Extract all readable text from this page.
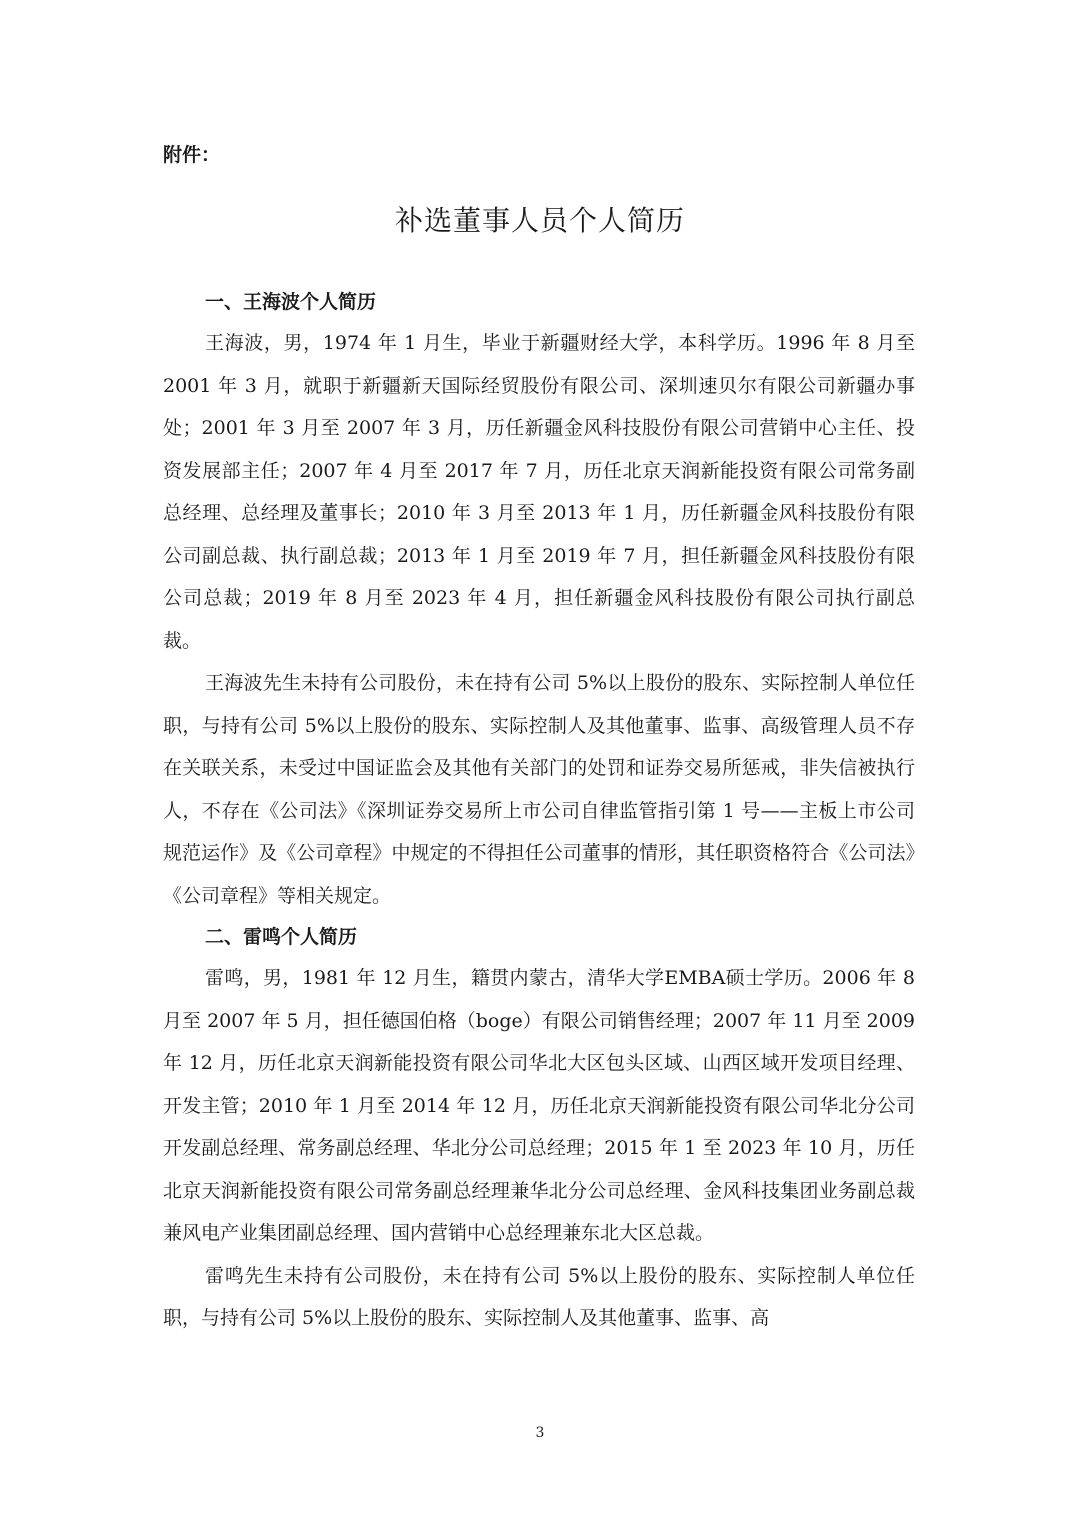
附件：

补选董事人员个人简历
一、王海波个人简历

王海波，男，1974 年 1 月生，毕业于新疆财经大学，本科学历。1996 年 8 月至 2001 年 3 月，就职于新疆新天国际经贸股份有限公司、深圳速贝尔有限公司新疆办事处；2001 年 3 月至 2007 年 3 月，历任新疆金风科技股份有限公司营销中心主任、投资发展部主任；2007 年 4 月至 2017 年 7 月，历任北京天润新能投资有限公司常务副总经理、总经理及董事长；2010 年 3 月至 2013 年 1 月，历任新疆金风科技股份有限公司副总裁、执行副总裁；2013 年 1 月至 2019 年 7 月，担任新疆金风科技股份有限公司总裁；2019 年 8 月至 2023 年 4 月，担任新疆金风科技股份有限公司执行副总裁。

王海波先生未持有公司股份，未在持有公司 5%以上股份的股东、实际控制人单位任职，与持有公司 5%以上股份的股东、实际控制人及其他董事、监事、高级管理人员不存在关联关系，未受过中国证监会及其他有关部门的处罚和证券交易所惩戒，非失信被执行人，不存在《公司法》《深圳证券交易所上市公司自律监管指引第 1 号——主板上市公司规范运作》及《公司章程》中规定的不得担任公司董事的情形，其任职资格符合《公司法》《公司章程》等相关规定。

二、雷鸣个人简历

雷鸣，男，1981 年 12 月生，籍贯内蒙古，清华大学EMBA硕士学历。2006 年 8 月至 2007 年 5 月，担任德国伯格（boge）有限公司销售经理；2007 年 11 月至 2009 年 12 月，历任北京天润新能投资有限公司华北大区包头区域、山西区域开发项目经理、开发主管；2010 年 1 月至 2014 年 12 月，历任北京天润新能投资有限公司华北分公司开发副总经理、常务副总经理、华北分公司总经理；2015 年 1 至 2023 年 10 月，历任北京天润新能投资有限公司常务副总经理兼华北分公司总经理、金风科技集团业务副总裁兼风电产业集团副总经理、国内营销中心总经理兼东北大区总裁。

雷鸣先生未持有公司股份，未在持有公司 5%以上股份的股东、实际控制人单位任职，与持有公司 5%以上股份的股东、实际控制人及其他董事、监事、高

3
